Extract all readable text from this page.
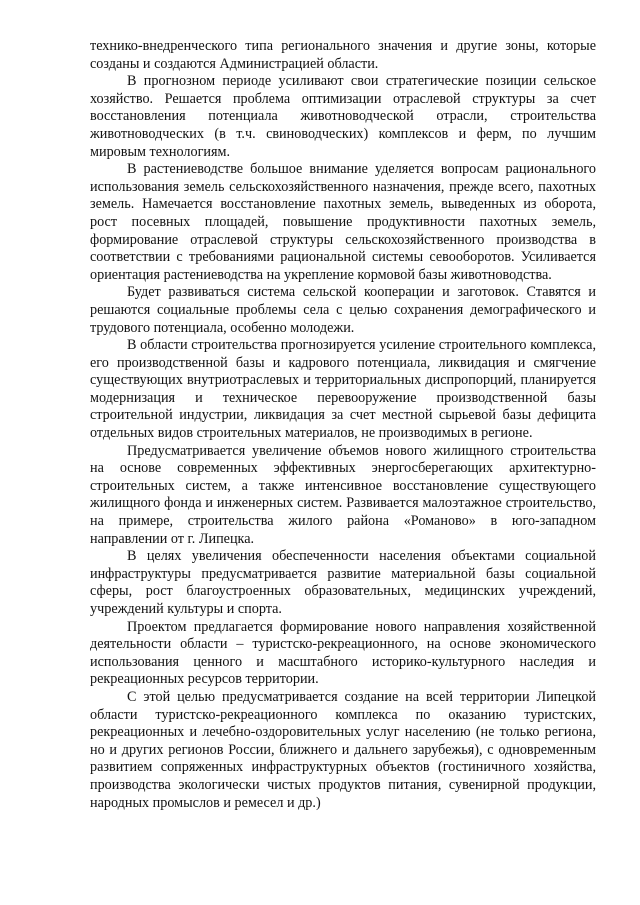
технико-внедренческого типа регионального значения и другие зоны, которые созданы и создаются Администрацией области.

В прогнозном периоде усиливают свои стратегические позиции сельское хозяйство. Решается проблема оптимизации отраслевой структуры за счет восстановления потенциала животноводческой отрасли, строительства животноводческих (в т.ч. свиноводческих) комплексов и ферм, по лучшим мировым технологиям.

В растениеводстве большое внимание уделяется вопросам рационального использования земель сельскохозяйственного назначения, прежде всего, пахотных земель. Намечается восстановление пахотных земель, выведенных из оборота, рост посевных площадей, повышение продуктивности пахотных земель, формирование отраслевой структуры сельскохозяйственного производства в соответствии с требованиями рациональной системы севооборотов. Усиливается ориентация растениеводства на укрепление кормовой базы животноводства.

Будет развиваться система сельской кооперации и заготовок. Ставятся и решаются социальные проблемы села с целью сохранения демографического и трудового потенциала, особенно молодежи.

В области строительства прогнозируется усиление строительного комплекса, его производственной базы и кадрового потенциала, ликвидация и смягчение существующих внутриотраслевых и территориальных диспропорций, планируется модернизация и техническое перевооружение производственной базы строительной индустрии, ликвидация за счет местной сырьевой базы дефицита отдельных видов строительных материалов, не производимых в регионе.

Предусматривается увеличение объемов нового жилищного строительства на основе современных эффективных энергосберегающих архитектурно-строительных систем, а также интенсивное восстановление существующего жилищного фонда и инженерных систем. Развивается малоэтажное строительство, на примере, строительства жилого района «Романово» в юго-западном направлении от г. Липецка.

В целях увеличения обеспеченности населения объектами социальной инфраструктуры предусматривается развитие материальной базы социальной сферы, рост благоустроенных образовательных, медицинских учреждений, учреждений культуры и спорта.

Проектом предлагается формирование нового направления хозяйственной деятельности области – туристско-рекреационного, на основе экономического использования ценного и масштабного историко-культурного наследия и рекреационных ресурсов территории.

С этой целью предусматривается создание на всей территории Липецкой области туристско-рекреационного комплекса по оказанию туристских, рекреационных и лечебно-оздоровительных услуг населению (не только региона, но и других регионов России, ближнего и дальнего зарубежья), с одновременным развитием сопряженных инфраструктурных объектов (гостиничного хозяйства, производства экологически чистых продуктов питания, сувенирной продукции, народных промыслов и ремесел и др.)
